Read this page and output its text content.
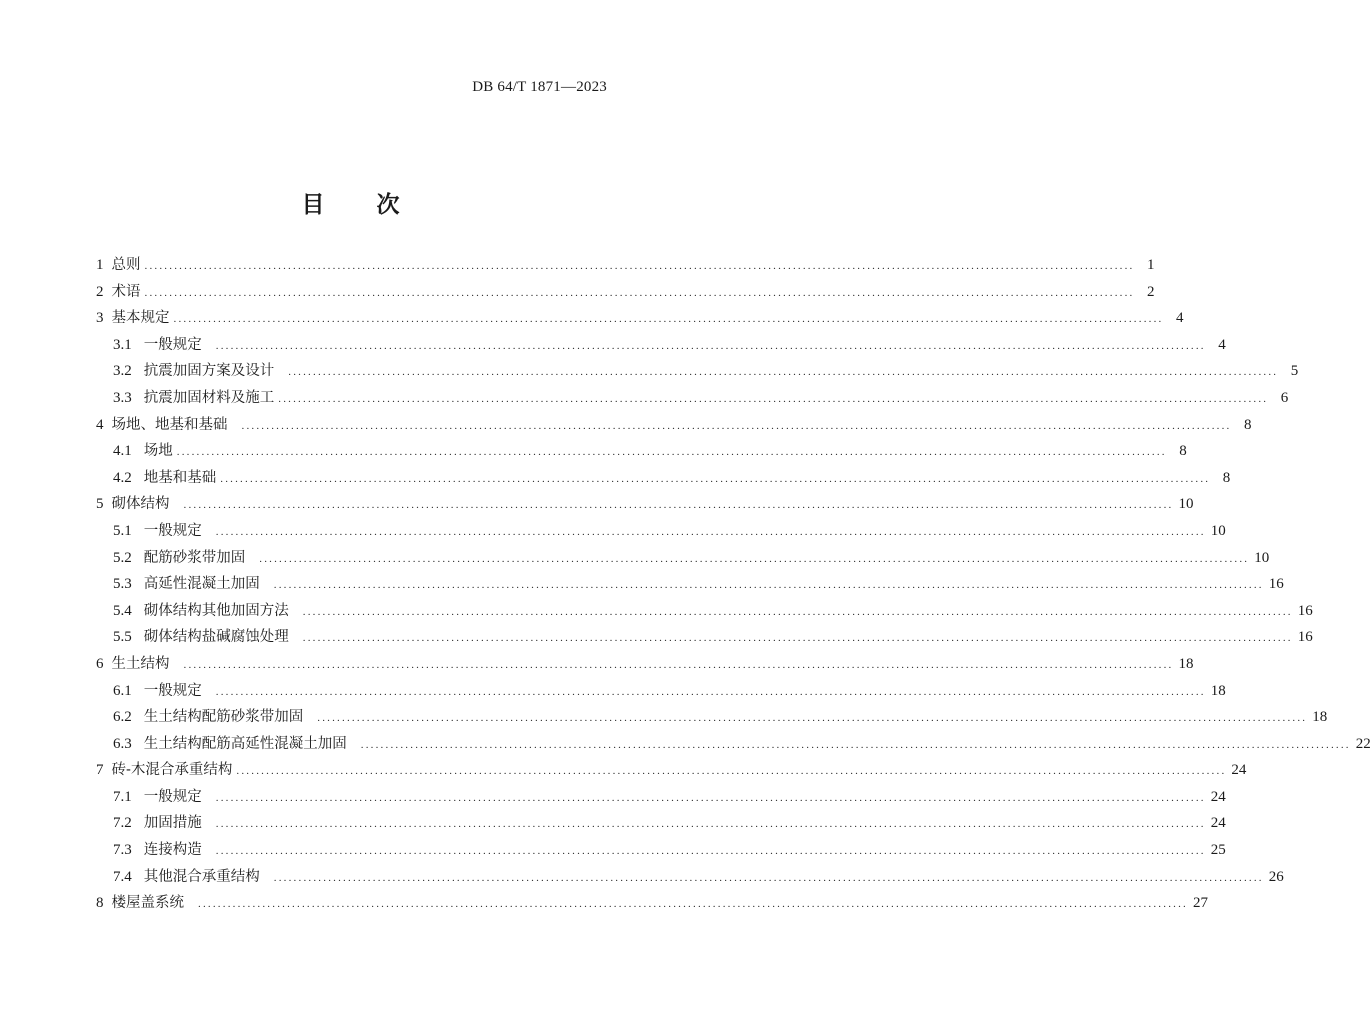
DB 64/T 1871—2023
目 次
1 总则 ........................................................................................................................................................................................................ 1
2 术语 ........................................................................................................................................................................................................ 2
3 基本规定 ........................................................................................................................................................................................................ 4
3.1 一般规定 ........................................................................................................................................................................................................ 4
3.2 抗震加固方案及设计 ........................................................................................................................................................................................................ 5
3.3 抗震加固材料及施工 ........................................................................................................................................................................................................ 6
4 场地、地基和基础 ........................................................................................................................................................................................................ 8
4.1 场地 ........................................................................................................................................................................................................ 8
4.2 地基和基础 ........................................................................................................................................................................................................ 8
5 砌体结构 ........................................................................................................................................................................................................ 10
5.1 一般规定 ........................................................................................................................................................................................................ 10
5.2 配筋砂浆带加固 ........................................................................................................................................................................................................ 10
5.3 高延性混凝土加固 ........................................................................................................................................................................................................ 16
5.4 砌体结构其他加固方法 ........................................................................................................................................................................................................ 16
5.5 砌体结构盐碱腐蚀处理 ........................................................................................................................................................................................................ 16
6 生土结构 ........................................................................................................................................................................................................ 18
6.1 一般规定 ........................................................................................................................................................................................................ 18
6.2 生土结构配筋砂浆带加固 ........................................................................................................................................................................................................ 18
6.3 生土结构配筋高延性混凝土加固 ........................................................................................................................................................................................................ 22
7 砖-木混合承重结构 ........................................................................................................................................................................................................ 24
7.1 一般规定 ........................................................................................................................................................................................................ 24
7.2 加固措施 ........................................................................................................................................................................................................ 24
7.3 连接构造 ........................................................................................................................................................................................................ 25
7.4 其他混合承重结构 ........................................................................................................................................................................................................ 26
8 楼屋盖系统 ........................................................................................................................................................................................................ 27
